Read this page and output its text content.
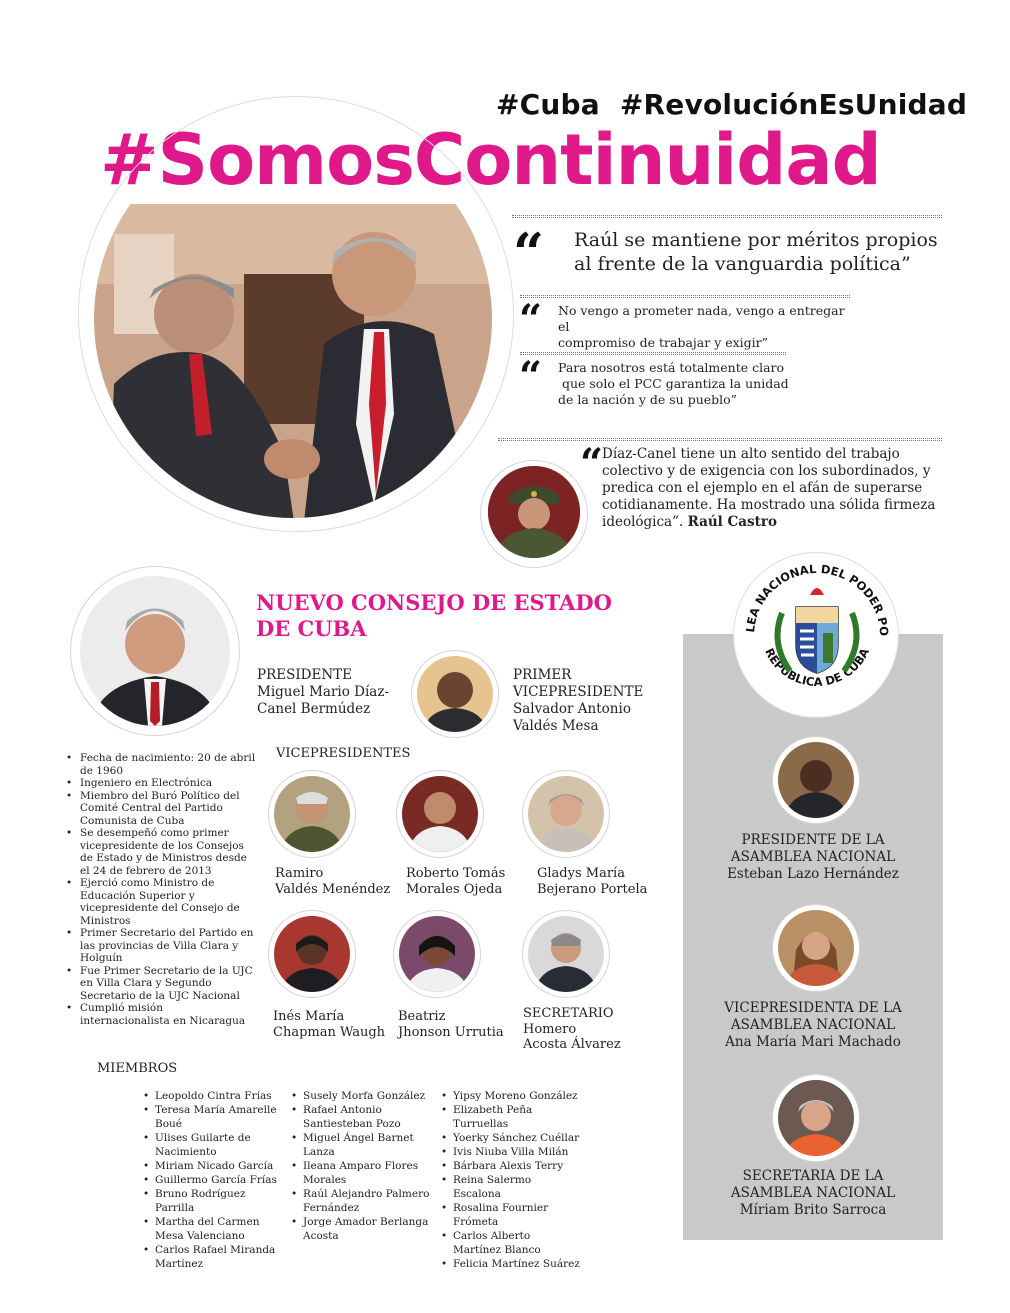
#Cuba #RevoluciónEsUnidad
#SomosContinuidad
“ Raúl se mantiene por méritos propios
al frente de la vanguardia política”
“ No vengo a prometer nada, vengo a entregar el
compromiso de trabajar y exigir”
“ Para nosotros está totalmente claro
que solo el PCC garantiza la unidad
de la nación y de su pueblo”
“ Díaz-Canel tiene un alto sentido del trabajo
colectivo y de exigencia con los subordinados, y
predica con el ejemplo en el afán de superarse
cotidianamente. Ha mostrado una sólida firmeza
ideológica”. Raúl Castro
NUEVO CONSEJO DE ESTADO
DE CUBA
PRESIDENTE
Miguel Mario Díaz-
Canel Bermúdez
PRIMER
VICEPRESIDENTE
Salvador Antonio
Valdés Mesa
VICEPRESIDENTES
Ramiro
Valdés Menéndez
Roberto Tomás
Morales Ojeda
Gladys María
Bejerano Portela
Inés María
Chapman Waugh
Beatriz
Jhonson Urrutia
SECRETARIO
Homero
Acosta Álvarez
• Fecha de nacimiento: 20 de abril de 1960
• Ingeniero en Electrónica
• Miembro del Buró Político del Comité Central del Partido Comunista de Cuba
• Se desempeñó como primer vicepresidente de los Consejos de Estado y de Ministros desde el 24 de febrero de 2013
• Ejerció como Ministro de Educación Superior y vicepresidente del Consejo de Ministros
• Primer Secretario del Partido en las provincias de Villa Clara y Holguín
• Fue Primer Secretario de la UJC en Villa Clara y Segundo Secretario de la UJC Nacional
• Cumplió misión internacionalista en Nicaragua
MIEMBROS
• Leopoldo Cintra Frías
• Teresa María Amarelle Boué
• Ulises Guilarte de Nacimiento
• Miriam Nicado García
• Guillermo García Frías
• Bruno Rodríguez Parrilla
• Martha del Carmen Mesa Valenciano
• Carlos Rafael Miranda Martínez
• Susely Morfa González
• Rafael Antonio Santiesteban Pozo
• Miguel Ángel Barnet Lanza
• Ileana Amparo Flores Morales
• Raúl Alejandro Palmero Fernández
• Jorge Amador Berlanga Acosta
• Yipsy Moreno González
• Elizabeth Peña Turruellas
• Yoerky Sánchez Cuéllar
• Ivis Niuba Villa Milán
• Bárbara Alexis Terry
• Reina Salermo Escalona
• Rosalina Fournier Frómeta
• Carlos Alberto Martínez Blanco
• Felicia Martínez Suárez
LEA NACIONAL DEL PODER PO
REPUBLICA DE CUBA
PRESIDENTE DE LA
ASAMBLEA NACIONAL
Esteban Lazo Hernández
VICEPRESIDENTA DE LA
ASAMBLEA NACIONAL
Ana María Mari Machado
SECRETARIA DE LA
ASAMBLEA NACIONAL
Míriam Brito Sarroca
